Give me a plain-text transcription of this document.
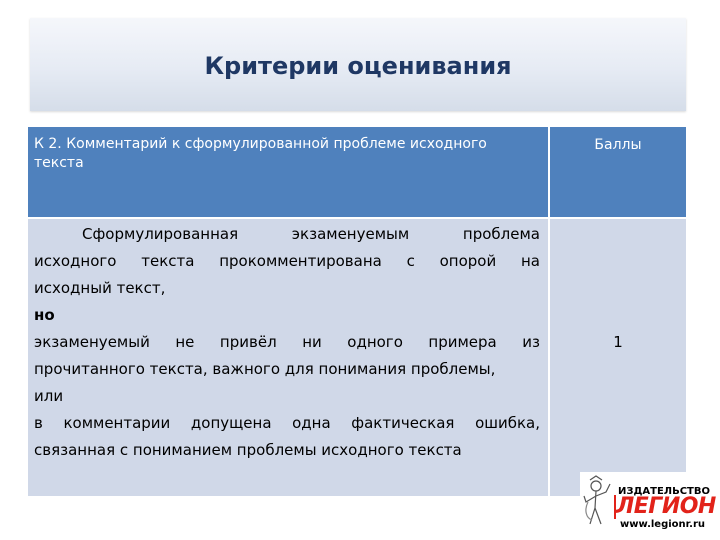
Критерии оценивания
К 2. Комментарий к сформулированной проблеме исходного
текста
Баллы
Сформулированная экзаменуемым проблема
исходного текста прокомментирована с опорой на
исходный текст,
но
экзаменуемый не привёл ни одного примера из
прочитанного текста, важного для понимания проблемы,
или
в комментарии допущена одна фактическая ошибка,
связанная с пониманием проблемы исходного текста
1
ИЗДАТЕЛЬСТВО
ЛЕГИОН
www.legionr.ru
